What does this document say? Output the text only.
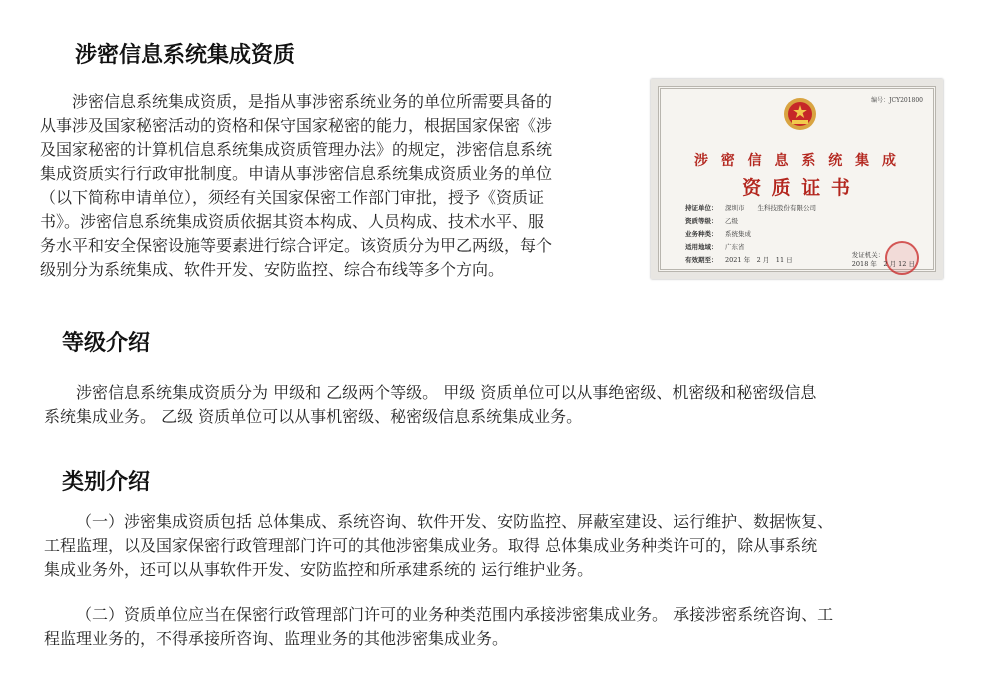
涉密信息系统集成资质
涉密信息系统集成资质，是指从事涉密系统业务的单位所需要具备的
从事涉及国家秘密活动的资格和保守国家秘密的能力，根据国家保密《涉
及国家秘密的计算机信息系统集成资质管理办法》的规定，涉密信息系统
集成资质实行行政审批制度。申请从事涉密信息系统集成资质业务的单位
（以下简称申请单位），须经有关国家保密工作部门审批，授予《资质证
书》。涉密信息系统集成资质依据其资本构成、人员构成、技术水平、服
务水平和安全保密设施等要素进行综合评定。该资质分为甲乙两级，每个
级别分为系统集成、软件开发、安防监控、综合布线等多个方向。
编号：JCY201800
涉 密 信 息 系 统 集 成
资 质 证 书
持证单位：	深圳市　　生科技股份有限公司
资质等级：	乙级
业务种类：	系统集成
适用地域：	广东省
有效期至：	2021 年　2 月　11 日
发证机关：
2018 年　2 月 12 日
等级介绍
涉密信息系统集成资质分为 甲级和 乙级两个等级。 甲级 资质单位可以从事绝密级、机密级和秘密级信息
系统集成业务。 乙级 资质单位可以从事机密级、秘密级信息系统集成业务。
类别介绍
（一）涉密集成资质包括 总体集成、系统咨询、软件开发、安防监控、屏蔽室建设、运行维护、数据恢复、
工程监理，以及国家保密行政管理部门许可的其他涉密集成业务。取得 总体集成业务种类许可的，除从事系统
集成业务外，还可以从事软件开发、安防监控和所承建系统的 运行维护业务。
（二）资质单位应当在保密行政管理部门许可的业务种类范围内承接涉密集成业务。 承接涉密系统咨询、工
程监理业务的，不得承接所咨询、监理业务的其他涉密集成业务。
